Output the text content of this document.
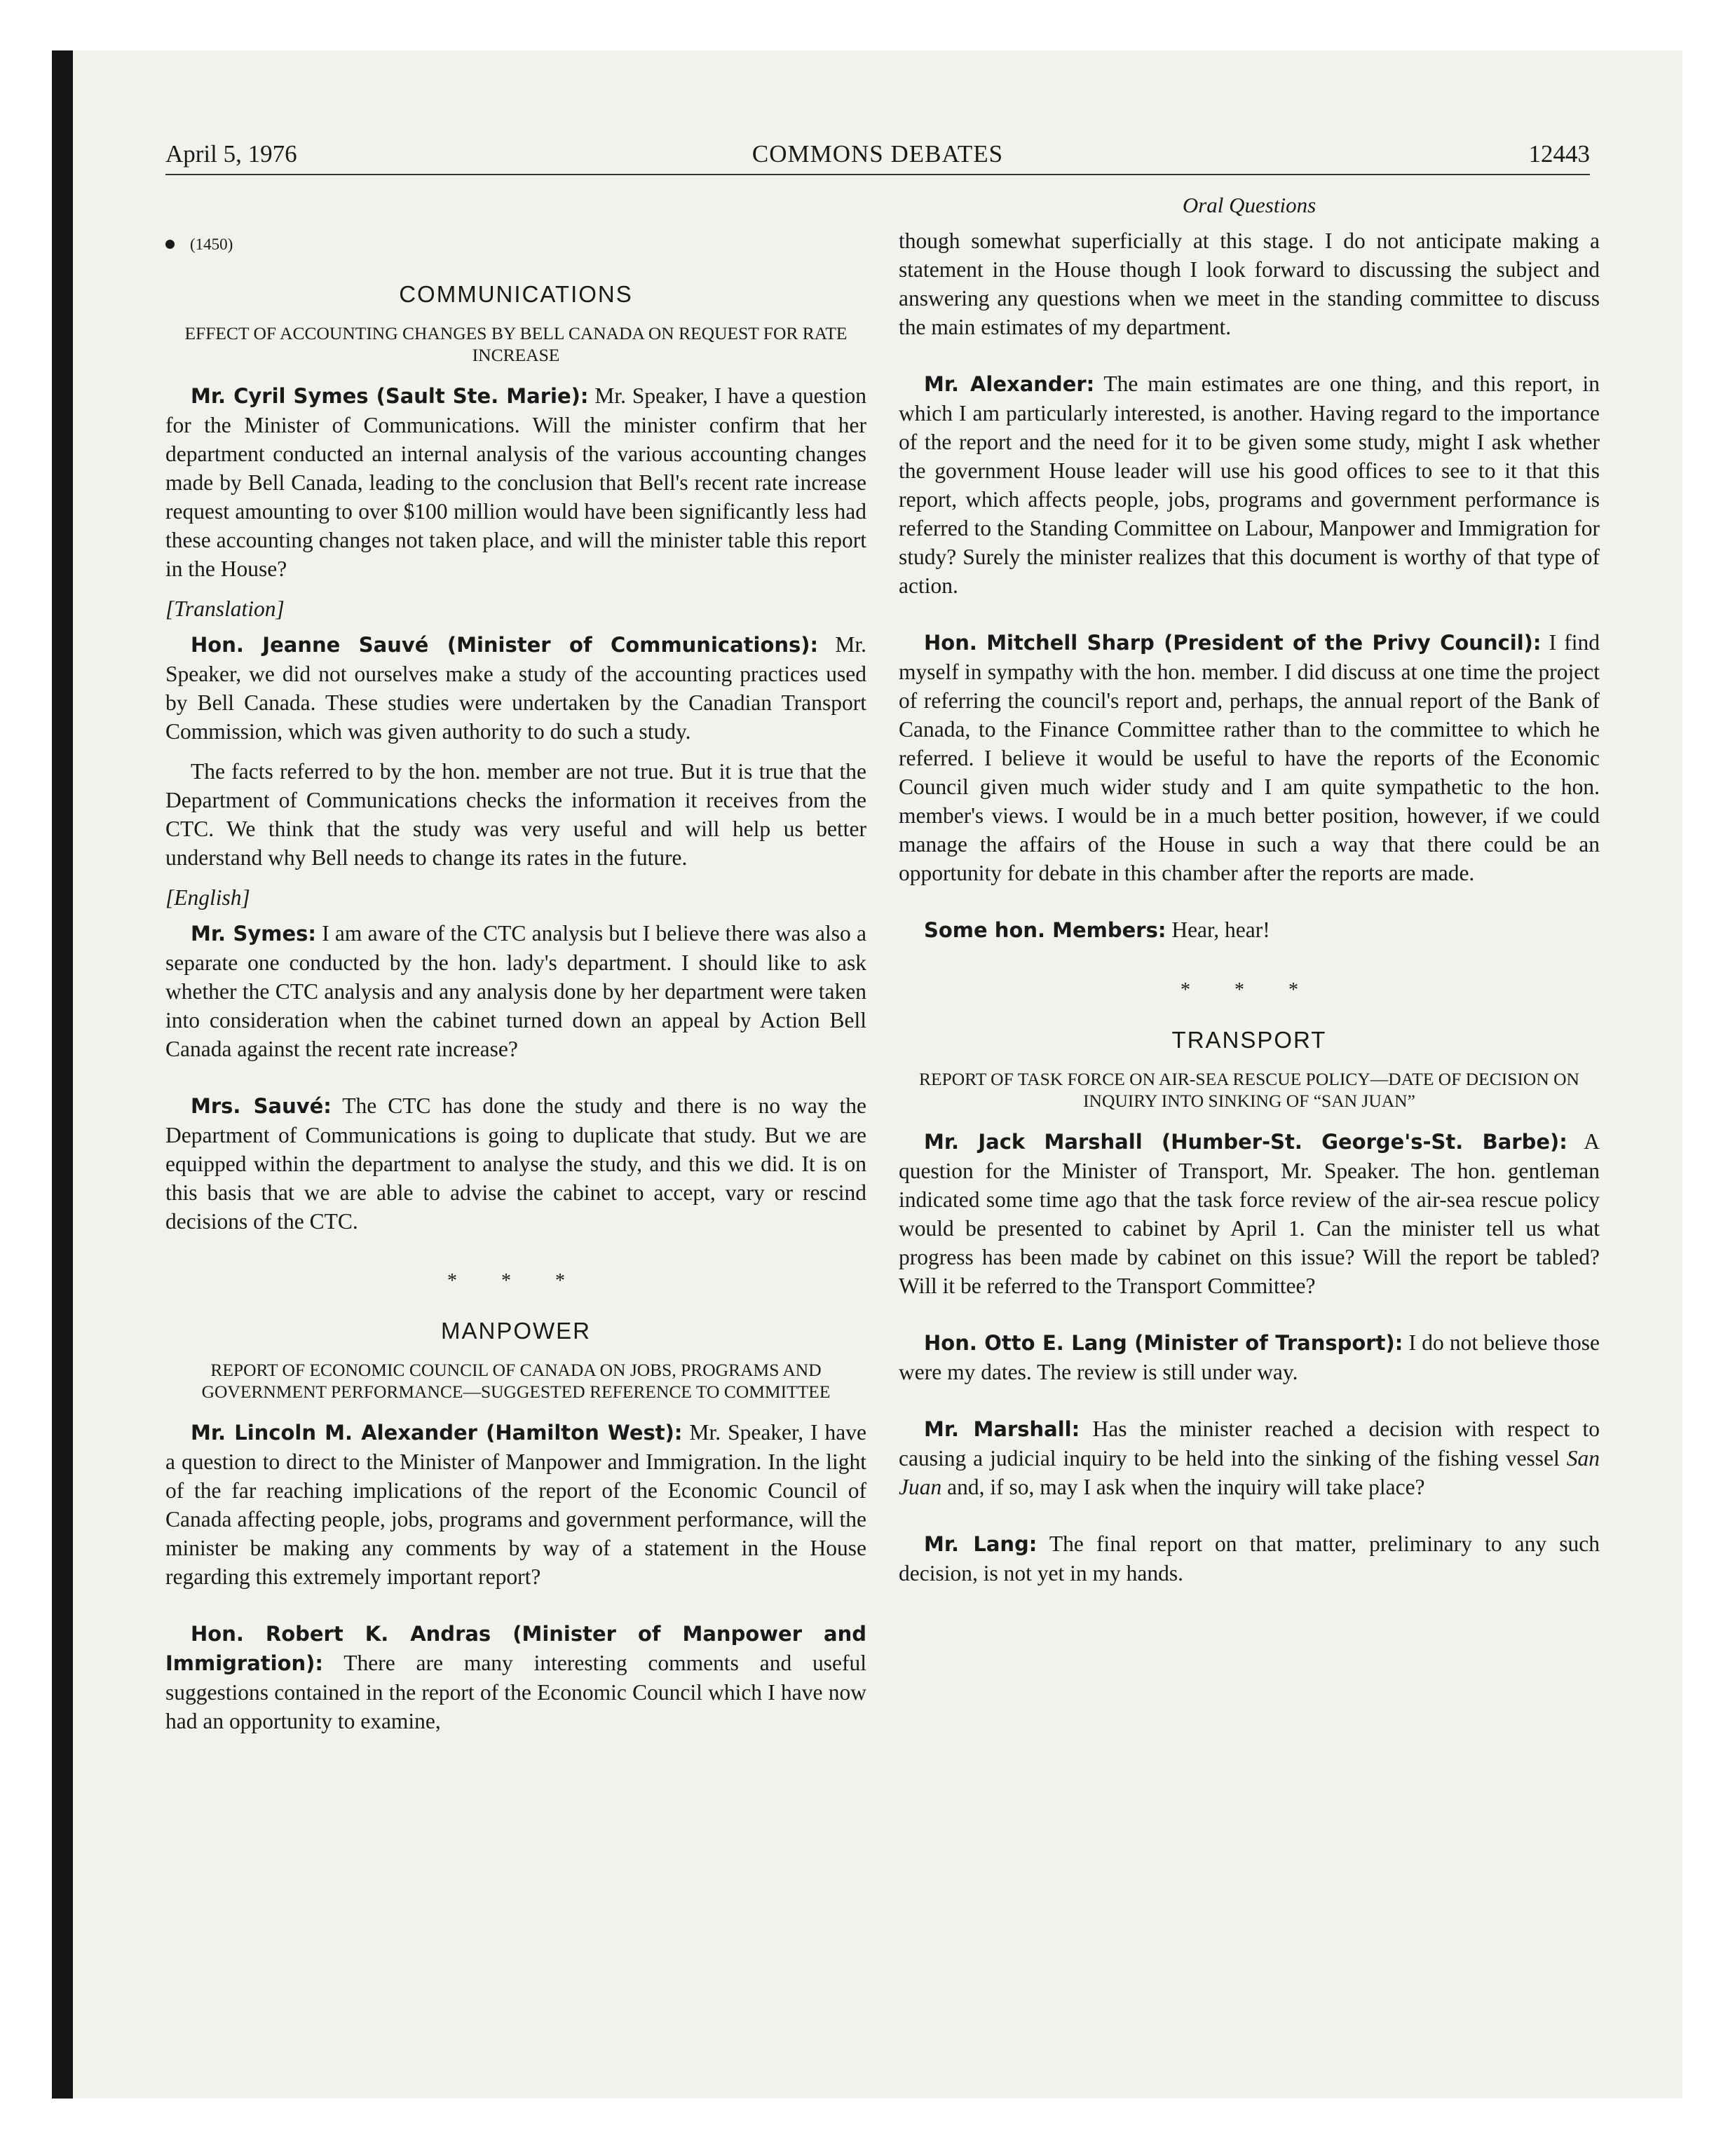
April 5, 1976	COMMONS DEBATES	12443
(1450)
COMMUNICATIONS
EFFECT OF ACCOUNTING CHANGES BY BELL CANADA ON REQUEST FOR RATE INCREASE

Mr. Cyril Symes (Sault Ste. Marie): Mr. Speaker, I have a question for the Minister of Communications. Will the minister confirm that her department conducted an internal analysis of the various accounting changes made by Bell Canada, leading to the conclusion that Bell's recent rate increase request amounting to over $100 million would have been significantly less had these accounting changes not taken place, and will the minister table this report in the House?

[Translation]

Hon. Jeanne Sauvé (Minister of Communications): Mr. Speaker, we did not ourselves make a study of the accounting practices used by Bell Canada. These studies were undertaken by the Canadian Transport Commission, which was given authority to do such a study.

The facts referred to by the hon. member are not true. But it is true that the Department of Communications checks the information it receives from the CTC. We think that the study was very useful and will help us better understand why Bell needs to change its rates in the future.

[English]

Mr. Symes: I am aware of the CTC analysis but I believe there was also a separate one conducted by the hon. lady's department. I should like to ask whether the CTC analysis and any analysis done by her department were taken into consideration when the cabinet turned down an appeal by Action Bell Canada against the recent rate increase?

Mrs. Sauvé: The CTC has done the study and there is no way the Department of Communications is going to duplicate that study. But we are equipped within the department to analyse the study, and this we did. It is on this basis that we are able to advise the cabinet to accept, vary or rescind decisions of the CTC.

* * *
MANPOWER
REPORT OF ECONOMIC COUNCIL OF CANADA ON JOBS, PROGRAMS AND GOVERNMENT PERFORMANCE—SUGGESTED REFERENCE TO COMMITTEE

Mr. Lincoln M. Alexander (Hamilton West): Mr. Speaker, I have a question to direct to the Minister of Manpower and Immigration. In the light of the far reaching implications of the report of the Economic Council of Canada affecting people, jobs, programs and government performance, will the minister be making any comments by way of a statement in the House regarding this extremely important report?

Hon. Robert K. Andras (Minister of Manpower and Immigration): There are many interesting comments and useful suggestions contained in the report of the Economic Council which I have now had an opportunity to examine,

Oral Questions

though somewhat superficially at this stage. I do not anticipate making a statement in the House though I look forward to discussing the subject and answering any questions when we meet in the standing committee to discuss the main estimates of my department.

Mr. Alexander: The main estimates are one thing, and this report, in which I am particularly interested, is another. Having regard to the importance of the report and the need for it to be given some study, might I ask whether the government House leader will use his good offices to see to it that this report, which affects people, jobs, programs and government performance is referred to the Standing Committee on Labour, Manpower and Immigration for study? Surely the minister realizes that this document is worthy of that type of action.

Hon. Mitchell Sharp (President of the Privy Council): I find myself in sympathy with the hon. member. I did discuss at one time the project of referring the council's report and, perhaps, the annual report of the Bank of Canada, to the Finance Committee rather than to the committee to which he referred. I believe it would be useful to have the reports of the Economic Council given much wider study and I am quite sympathetic to the hon. member's views. I would be in a much better position, however, if we could manage the affairs of the House in such a way that there could be an opportunity for debate in this chamber after the reports are made.

Some hon. Members: Hear, hear!

* * *
TRANSPORT
REPORT OF TASK FORCE ON AIR-SEA RESCUE POLICY—DATE OF DECISION ON INQUIRY INTO SINKING OF “SAN JUAN”

Mr. Jack Marshall (Humber-St. George's-St. Barbe): A question for the Minister of Transport, Mr. Speaker. The hon. gentleman indicated some time ago that the task force review of the air-sea rescue policy would be presented to cabinet by April 1. Can the minister tell us what progress has been made by cabinet on this issue? Will the report be tabled? Will it be referred to the Transport Committee?

Hon. Otto E. Lang (Minister of Transport): I do not believe those were my dates. The review is still under way.

Mr. Marshall: Has the minister reached a decision with respect to causing a judicial inquiry to be held into the sinking of the fishing vessel San Juan and, if so, may I ask when the inquiry will take place?

Mr. Lang: The final report on that matter, preliminary to any such decision, is not yet in my hands.
